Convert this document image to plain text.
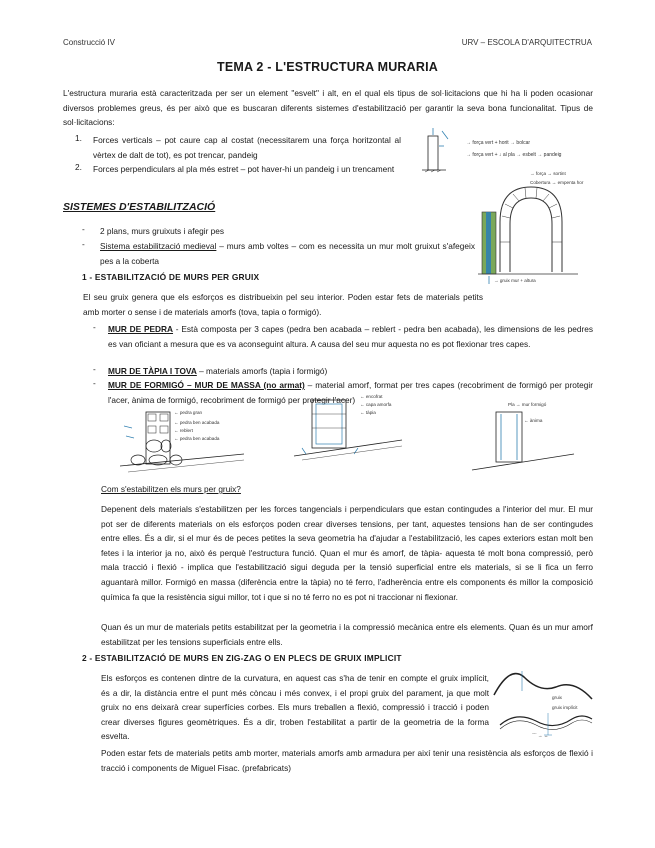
Construcció IV	URV – ESCOLA D'ARQUITECTRUA
TEMA 2 - L'ESTRUCTURA MURARIA
L'estructura muraria està caracteritzada per ser un element "esvelt" i alt, en el qual els tipus de sol·licitacions que hi ha li poden ocasionar diversos problemes greus, és per això que es buscaran diferents sistemes d'estabilització per garantir la seva bona funcionalitat. Tipus de sol·licitacions:
1. Forces verticals – pot caure cap al costat (necessitarem una força horitzontal al vèrtex de dalt de tot), es pot trencar, pandeig
2. Forces perpendiculars al pla més estret – pot haver-hi un pandeig i un trencament
→ força vert + horit → bolcar
→ força vert + ↓ al pla → esbelt → pandeig
→ força → sortint
Cobertura → empenta hor
→ gruix mur + altura
SISTEMES D'ESTABILITZACIÓ
- 2 plans, murs gruixuts i afegir pes
- Sistema estabilització medieval – murs amb voltes – com es necessita un mur molt gruixut s'afegeix pes a la coberta
1 - ESTABILITZACIÓ DE MURS PER GRUIX
El seu gruix genera que els esforços es distribueixin pel seu interior. Poden estar fets de materials petits amb morter o sense i de materials amorfs (tova, tapia o formigó).
- MUR DE PEDRA - Està composta per 3 capes (pedra ben acabada – reblert - pedra ben acabada), les dimensions de les pedres es van oficiant a mesura que es va aconseguint altura. A causa del seu mur aquesta no es pot flexionar tres capes.
- MUR DE TÀPIA I TOVA – materials amorfs (tapia i formigó)
- MUR DE FORMIGÓ – MUR DE MASSA (no armat) – material amorf, format per tres capes (recobriment de formigó per protegir l'acer, ànima de formigó, recobriment de formigó per protegir l'acer)
← pedra gran
← pedra ben acabada
← reblert
← pedra ben acabada
← encofrat
← capa amorfa
← tàpia
Pla → mur formigó
← ànima
Com s'estabilitzen els murs per gruix?
Depenent dels materials s'estabilitzen per les forces tangencials i perpendiculars que estan contingudes a l'interior del mur. El mur pot ser de diferents materials on els esforços poden crear diverses tensions, per tant, aquestes tensions han de ser contingudes entre elles. És a dir, si el mur és de peces petites la seva geometria ha d'ajudar a l'estabilització, les capes exteriors estan molt ben fetes i la interior ja no, això és perquè l'estructura funció. Quan el mur és amorf, de tàpia- aquesta té molt bona compressió, però mala tracció i flexió - implica que l'estabilització sigui deguda per la tensió superficial entre els materials, si se li fica un ferro aguantarà millor. Formigó en massa (diferència entre la tàpia) no té ferro, l'adherència entre els components és millor la composició química fa que la resistència sigui millor, tot i que si no té ferro no es pot ni traccionar ni flexionar.
Quan és un mur de materials petits estabilitzat per la geometria i la compressió mecànica entre els elements. Quan és un mur amorf estabilitzat per les tensions superficials entre ells.
2 - ESTABILITZACIÓ DE MURS EN ZIG-ZAG O EN PLECS DE GRUIX IMPLICIT
Els esforços es contenen dintre de la curvatura, en aquest cas s'ha de tenir en compte el gruix implícit, és a dir, la distància entre el punt més còncau i més convex, i el propi gruix del parament, ja que molt gruix no ens deixarà crear superfícies corbes. Els murs treballen a flexió, compressió i tracció i poden crear diverses figures geomètriques. És a dir, troben l'estabilitat a partir de la geometria de la forma esvelta.
gruix
gruix implícit
⌒ → ↔
Poden estar fets de materials petits amb morter, materials amorfs amb armadura per així tenir una resistència als esforços de flexió i tracció i components de Miguel Fisac. (prefabricats)
